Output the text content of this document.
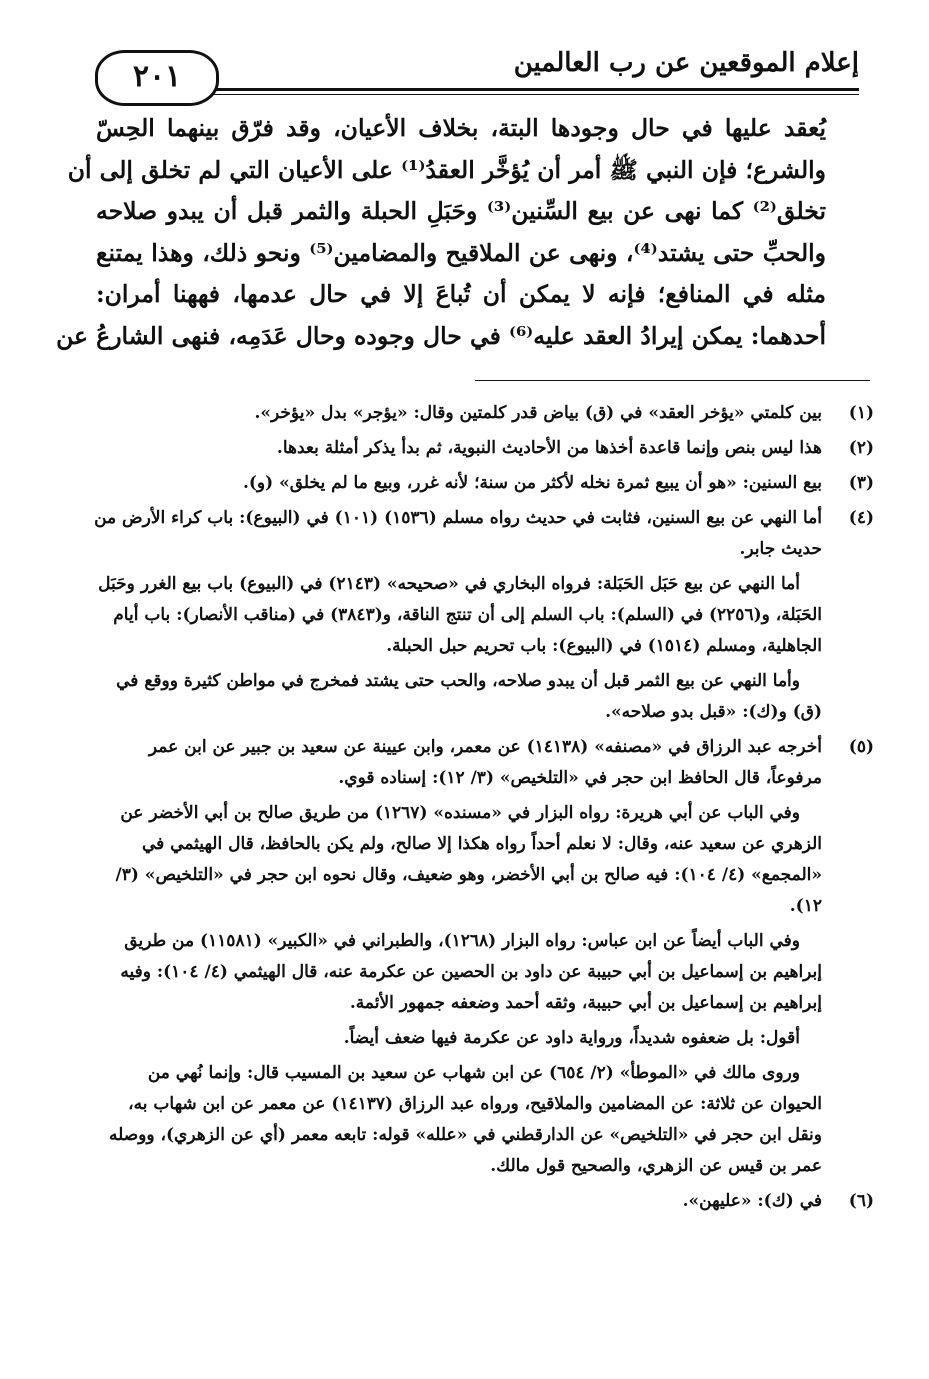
إعلام الموقعين عن رب العالمين
٢٠١

يُعقد عليها في حال وجودها البتة، بخلاف الأعيان، وقد فرّق بينهما الحِسّ

والشرع؛ فإن النبي ﷺ أمر أن يُؤخَّر العقدُ⁽¹⁾ على الأعيان التي لم تخلق إلى أن

تخلق⁽²⁾ كما نهى عن بيع السِّنين⁽³⁾ وحَبَلِ الحبلة والثمر قبل أن يبدو صلاحه

والحبِّ حتى يشتد⁽⁴⁾، ونهى عن الملاقيح والمضامين⁽⁵⁾ ونحو ذلك، وهذا يمتنع

مثله في المنافع؛ فإنه لا يمكن أن تُباعَ إلا في حال عدمها، فههنا أمران:

أحدهما: يمكن إيرادُ العقد عليه⁽⁶⁾ في حال وجوده وحال عَدَمِه، فنهى الشارعُ عن

(١)

بين كلمتي «يؤخر العقد» في (ق) بياض قدر كلمتين وقال: «يؤجر» بدل «يؤخر».

(٢)

هذا ليس بنص وإنما قاعدة أخذها من الأحاديث النبوية، ثم بدأ يذكر أمثلة بعدها.

(٣)

بيع السنين: «هو أن يبيع ثمرة نخله لأكثر من سنة؛ لأنه غرر، وبيع ما لم يخلق» (و).

(٤)

أما النهي عن بيع السنين، فثابت في حديث رواه مسلم (١٥٣٦) (١٠١) في (البيوع): باب كراء الأرض من حديث جابر.

أما النهي عن بيع حَبَل الحَبَلة: فرواه البخاري في «صحيحه» (٢١٤٣) في (البيوع) باب بيع الغرر وحَبَل الحَبَلة، و(٢٢٥٦) في (السلم): باب السلم إلى أن تنتج الناقة، و(٣٨٤٣) في (مناقب الأنصار): باب أيام الجاهلية، ومسلم (١٥١٤) في (البيوع): باب تحريم حبل الحبلة.

وأما النهي عن بيع الثمر قبل أن يبدو صلاحه، والحب حتى يشتد فمخرج في مواطن كثيرة ووقع في (ق) و(ك): «قبل بدو صلاحه».

(٥)

أخرجه عبد الرزاق في «مصنفه» (١٤١٣٨) عن معمر، وابن عيينة عن سعيد بن جبير عن ابن عمر مرفوعاً، قال الحافظ ابن حجر في «التلخيص» (٣/ ١٢): إسناده قوي.

وفي الباب عن أبي هريرة: رواه البزار في «مسنده» (١٢٦٧) من طريق صالح بن أبي الأخضر عن الزهري عن سعيد عنه، وقال: لا نعلم أحداً رواه هكذا إلا صالح، ولم يكن بالحافظ، قال الهيثمي في «المجمع» (٤/ ١٠٤): فيه صالح بن أبي الأخضر، وهو ضعيف، وقال نحوه ابن حجر في «التلخيص» (٣/ ١٢).

وفي الباب أيضاً عن ابن عباس: رواه البزار (١٢٦٨)، والطبراني في «الكبير» (١١٥٨١) من طريق إبراهيم بن إسماعيل بن أبي حبيبة عن داود بن الحصين عن عكرمة عنه، قال الهيثمي (٤/ ١٠٤): وفيه إبراهيم بن إسماعيل بن أبي حبيبة، وثقه أحمد وضعفه جمهور الأئمة.

أقول: بل ضعفوه شديداً، ورواية داود عن عكرمة فيها ضعف أيضاً.

وروى مالك في «الموطأ» (٢/ ٦٥٤) عن ابن شهاب عن سعيد بن المسيب قال: وإنما نُهي من الحيوان عن ثلاثة: عن المضامين والملاقيح، ورواه عبد الرزاق (١٤١٣٧) عن معمر عن ابن شهاب به، ونقل ابن حجر في «التلخيص» عن الدارقطني في «علله» قوله: تابعه معمر (أي عن الزهري)، ووصله عمر بن قيس عن الزهري، والصحيح قول مالك.

(٦)

في (ك): «عليهن».
